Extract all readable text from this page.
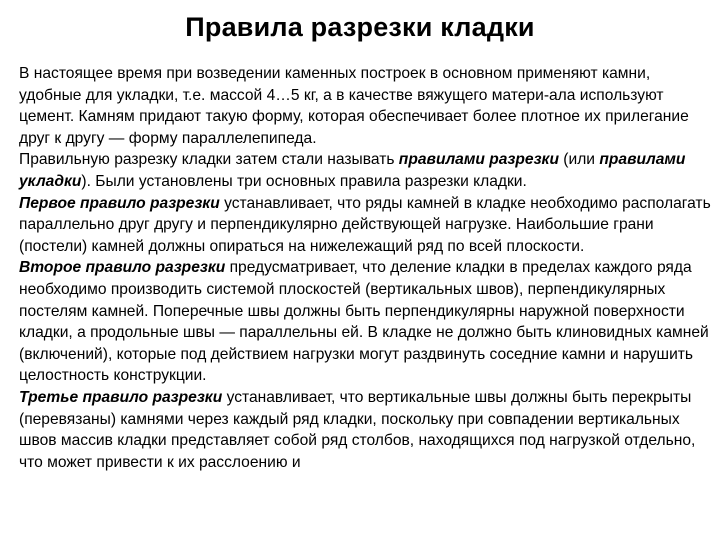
Правила разрезки кладки

В настоящее время при возведении каменных построек в основном применяют камни, удобные для укладки, т.е. массой 4…5 кг, а в качестве вяжущего матери-ала используют цемент. Камням придают такую форму, которая обеспечивает более плотное их прилегание друг к другу — форму параллелепипеда.

Правильную разрезку кладки затем стали называть правилами разрезки (или правилами укладки). Были установлены три основных правила разрезки кладки.

Первое правило разрезки устанавливает, что ряды камней в кладке необходимо располагать параллельно друг другу и перпендикулярно действующей нагрузке. Наибольшие грани (постели) камней должны опираться на нижележащий ряд по всей плоскости.

Второе правило разрезки предусматривает, что деление кладки в пределах каждого ряда необходимо производить системой плоскостей (вертикальных швов), перпендикулярных постелям камней. Поперечные швы должны быть перпендикулярны наружной поверхности кладки, а продольные швы — параллельны ей. В кладке не должно быть клиновидных камней (включений), которые под действием нагрузки могут раздвинуть соседние камни и нарушить целостность конструкции.

Третье правило разрезки устанавливает, что вертикальные швы должны быть перекрыты (перевязаны) камнями через каждый ряд кладки, поскольку при совпадении вертикальных швов массив кладки представляет собой ряд столбов, находящихся под нагрузкой отдельно, что может привести к их расслоению и
